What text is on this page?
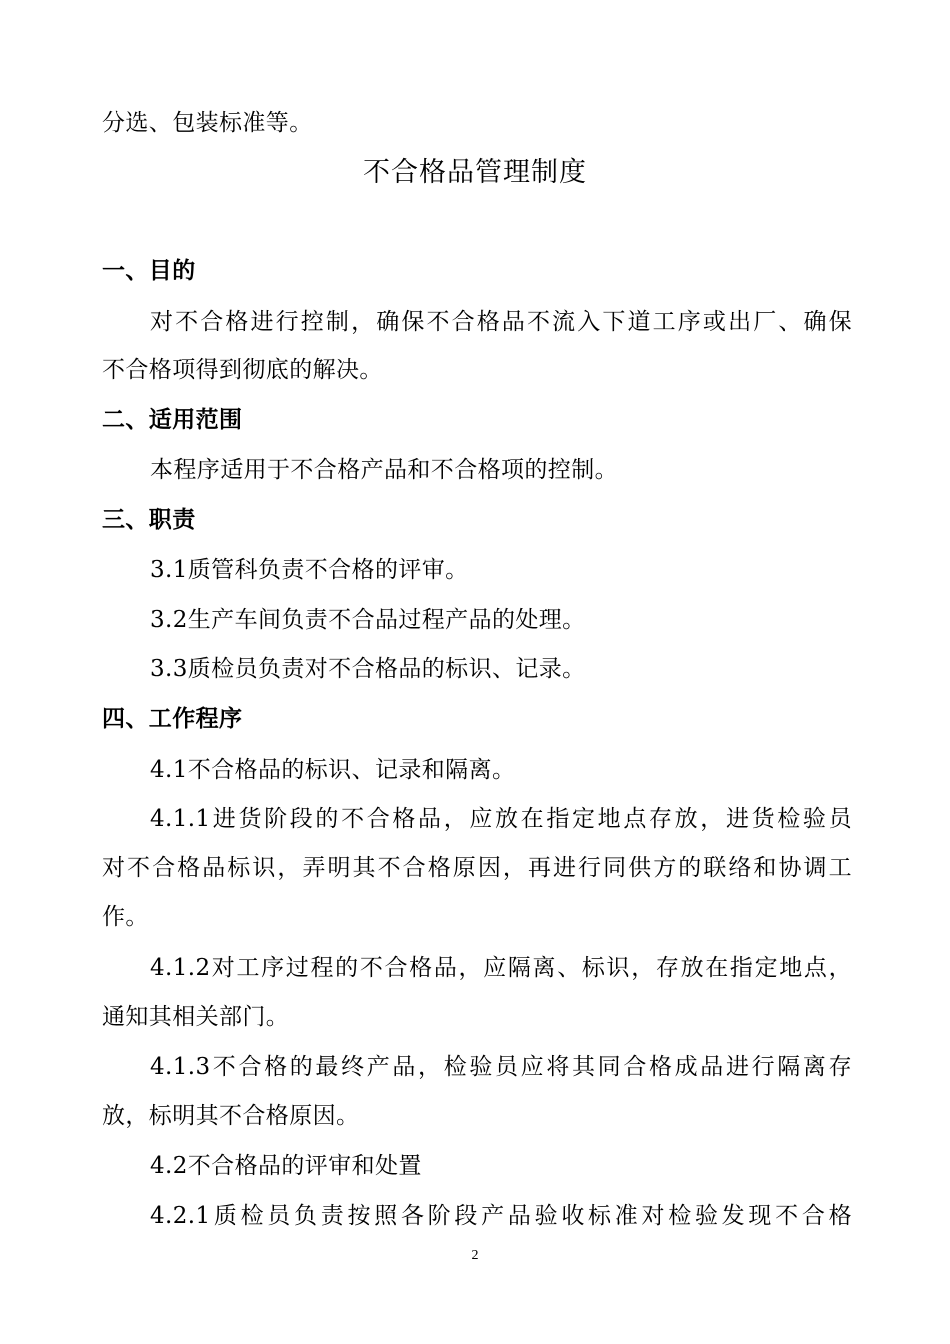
分选、包装标准等。
不合格品管理制度
一、目的
对不合格进行控制，确保不合格品不流入下道工序或出厂、确保
不合格项得到彻底的解决。
二、适用范围
本程序适用于不合格产品和不合格项的控制。
三、职责
3.1质管科负责不合格的评审。
3.2生产车间负责不合品过程产品的处理。
3.3质检员负责对不合格品的标识、记录。
四、工作程序
4.1不合格品的标识、记录和隔离。
4.1.1进货阶段的不合格品，应放在指定地点存放，进货检验员
对不合格品标识，弄明其不合格原因，再进行同供方的联络和协调工
作。
4.1.2对工序过程的不合格品，应隔离、标识，存放在指定地点，
通知其相关部门。
4.1.3不合格的最终产品，检验员应将其同合格成品进行隔离存
放，标明其不合格原因。
4.2不合格品的评审和处置
4.2.1质检员负责按照各阶段产品验收标准对检验发现不合格
2
